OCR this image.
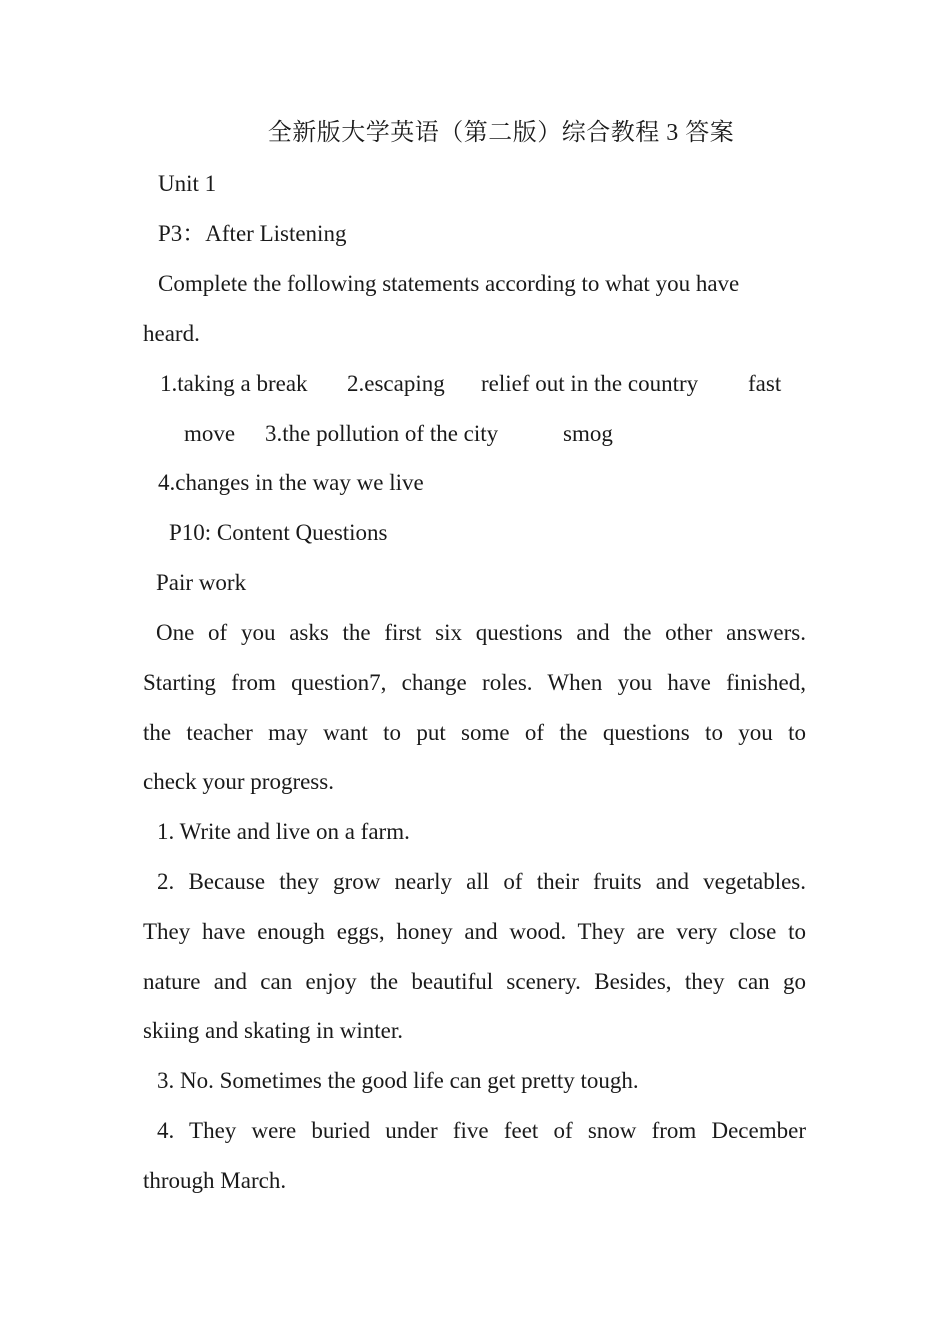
全新版大学英语（第二版）综合教程 3 答案
Unit 1
P3：After Listening
Complete the following statements according to what you have
heard.
1.taking a break 2.escaping relief out in the country fast
move 3.the pollution of the city	smog
4.changes in the way we live
P10: Content Questions
Pair work
One of you asks the first six questions and the other answers.
Starting from question7, change roles. When you have finished,
the teacher may want to put some of the questions to you to
check your progress.
1. Write and live on a farm.
2. Because they grow nearly all of their fruits and vegetables.
They have enough eggs, honey and wood. They are very close to
nature and can enjoy the beautiful scenery. Besides, they can go
skiing and skating in winter.
3. No. Sometimes the good life can get pretty tough.
4. They were buried under five feet of snow from December
through March.
